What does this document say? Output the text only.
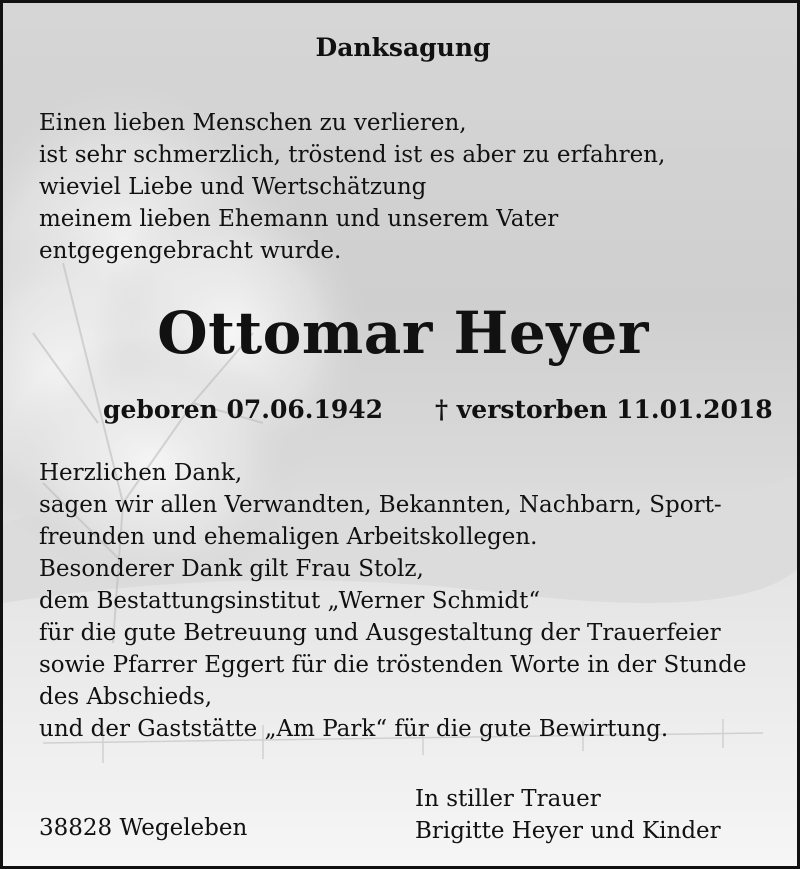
Danksagung
Einen lieben Menschen zu verlieren,
ist sehr schmerzlich, tröstend ist es aber zu erfahren,
wieviel Liebe und Wertschätzung
meinem lieben Ehemann und unserem Vater
entgegengebracht wurde.
Ottomar Heyer
geboren 07.06.1942 † verstorben 11.01.2018
Herzlichen Dank,
sagen wir allen Verwandten, Bekannten, Nachbarn, Sport-
freunden und ehemaligen Arbeitskollegen.
Besonderer Dank gilt Frau Stolz,
dem Bestattungsinstitut „Werner Schmidt“
für die gute Betreuung und Ausgestaltung der Trauerfeier
sowie Pfarrer Eggert für die tröstenden Worte in der Stunde
des Abschieds,
und der Gaststätte „Am Park“ für die gute Bewirtung.
38828 Wegeleben
In stiller Trauer
Brigitte Heyer und Kinder
